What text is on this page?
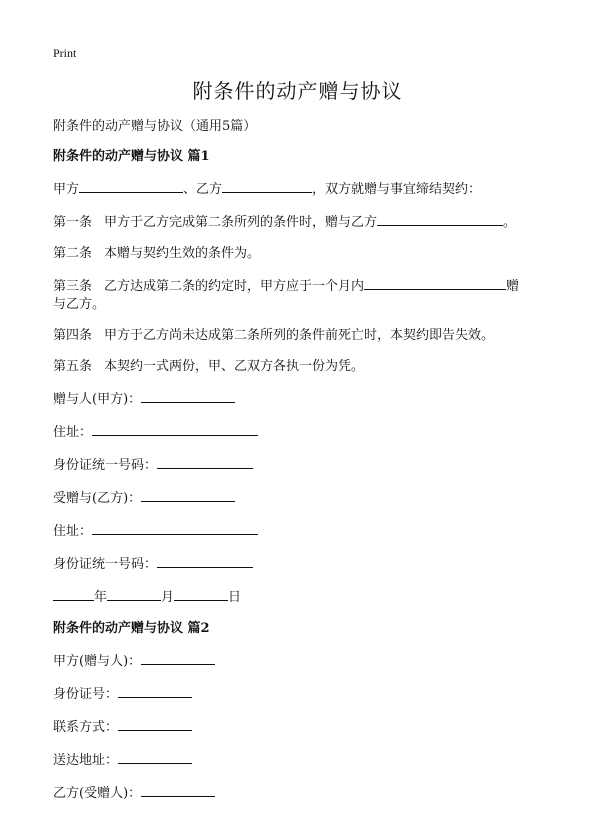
Print
附条件的动产赠与协议
附条件的动产赠与协议（通用5篇）
附条件的动产赠与协议 篇1
甲方	、乙方	，双方就赠与事宜缔结契约：
第一条 甲方于乙方完成第二条所列的条件时，赠与乙方	。
第二条 本赠与契约生效的条件为。
第三条 乙方达成第二条的约定时，甲方应于一个月内	赠
与乙方。
第四条 甲方于乙方尚未达成第二条所列的条件前死亡时，本契约即告失效。
第五条 本契约一式两份，甲、乙双方各执一份为凭。
赠与人(甲方)：
住址：
身份证统一号码：
受赠与(乙方)：
住址：
身份证统一号码：
年	月	日
附条件的动产赠与协议 篇2
甲方(赠与人)：
身份证号：
联系方式：
送达地址：
乙方(受赠人)：
